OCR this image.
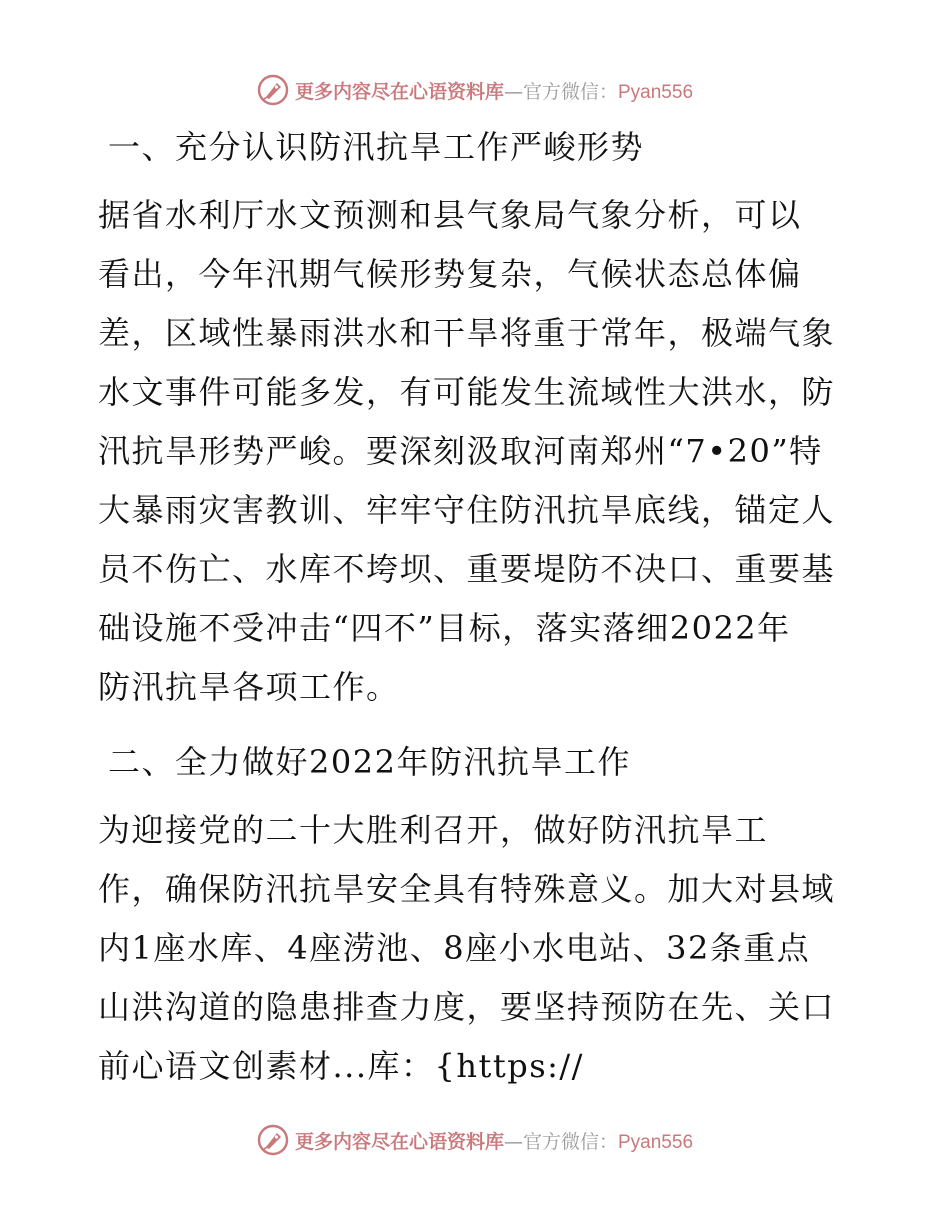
更多内容尽在心语资料库—官方微信：Pyan556
一、充分认识防汛抗旱工作严峻形势
据省水利厅水文预测和县气象局气象分析，可以
看出，今年汛期气候形势复杂，气候状态总体偏
差，区域性暴雨洪水和干旱将重于常年，极端气象
水文事件可能多发，有可能发生流域性大洪水，防
汛抗旱形势严峻。要深刻汲取河南郑州“7•20”特
大暴雨灾害教训、牢牢守住防汛抗旱底线，锚定人
员不伤亡、水库不垮坝、重要堤防不决口、重要基
础设施不受冲击“四不”目标，落实落细2022年
防汛抗旱各项工作。
二、全力做好2022年防汛抗旱工作
为迎接党的二十大胜利召开，做好防汛抗旱工
作，确保防汛抗旱安全具有特殊意义。加大对县域
内1座水库、4座涝池、8座小水电站、32条重点
山洪沟道的隐患排查力度，要坚持预防在先、关口
前心语文创素材...库：{https://
更多内容尽在心语资料库—官方微信：Pyan556
